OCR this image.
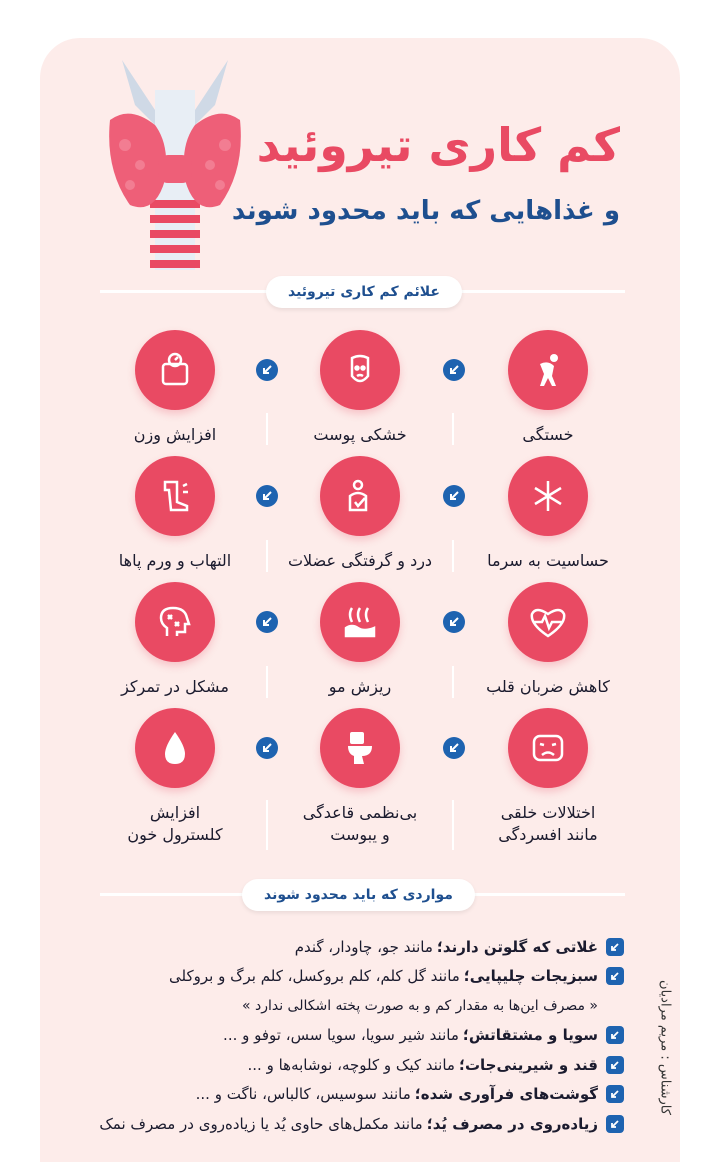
کم کاری تیروئید
و غذاهایی که باید محدود شوند
علائم کم کاری تیروئید
خستگی
خشکی پوست
افزایش وزن
حساسیت به سرما
درد و گرفتگی عضلات
التهاب و ورم پاها
کاهش ضربان قلب
ریزش مو
مشکل در تمرکز
اختلالات خلقی
مانند افسردگی
بی‌نظمی قاعدگی
و یبوست
افزایش
کلسترول خون
مواردی که باید محدود شوند
غلاتی که گلوتن دارند؛
مانند جو، چاودار، گندم
سبزیجات چلیپایی؛
مانند گل کلم، کلم بروکسل، کلم برگ و بروکلی
« مصرف این‌ها به مقدار کم و به صورت پخته اشکالی ندارد »
سویا و مشتقاتش؛
مانند شیر سویا، سویا سس، توفو و ...
قند و شیرینی‌جات؛
مانند کیک و کلوچه، نوشابه‌ها و ...
گوشت‌های فرآوری شده؛
مانند سوسیس، کالباس، ناگت و ...
زیاده‌روی در مصرف یُد؛
مانند مکمل‌های حاوی یُد یا زیاده‌روی در مصرف نمک
کارشناس : مریم مرادیان
